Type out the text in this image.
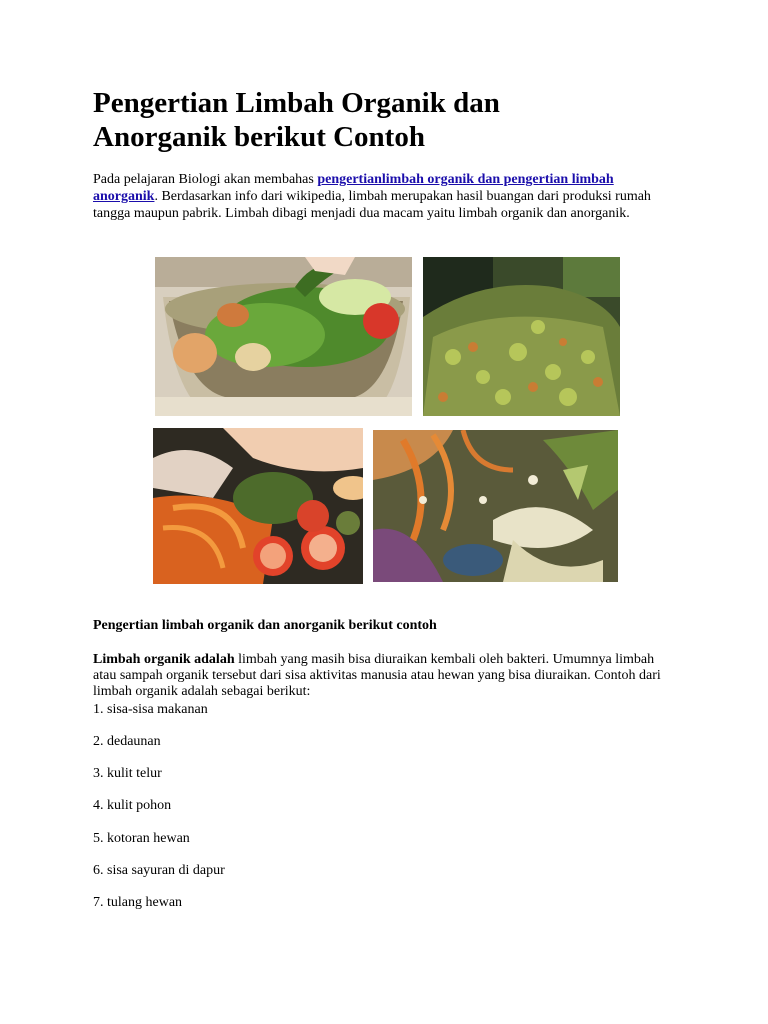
Pengertian Limbah Organik dan
Anorganik berikut Contoh

Pada pelajaran Biologi akan membahas pengertianlimbah organik dan pengertian limbah anorganik. Berdasarkan info dari wikipedia, limbah merupakan hasil buangan dari produksi rumah tangga maupun pabrik. Limbah dibagi menjadi dua macam yaitu limbah organik dan anorganik.

Pengertian limbah organik dan anorganik berikut contoh

Limbah organik adalah limbah yang masih bisa diuraikan kembali oleh bakteri. Umumnya limbah atau sampah organik tersebut dari sisa aktivitas manusia atau hewan yang bisa diuraikan. Contoh dari limbah organik adalah sebagai berikut:

1. sisa-sisa makanan
2. dedaunan
3. kulit telur
4. kulit pohon
5. kotoran hewan
6. sisa sayuran di dapur
7. tulang hewan
